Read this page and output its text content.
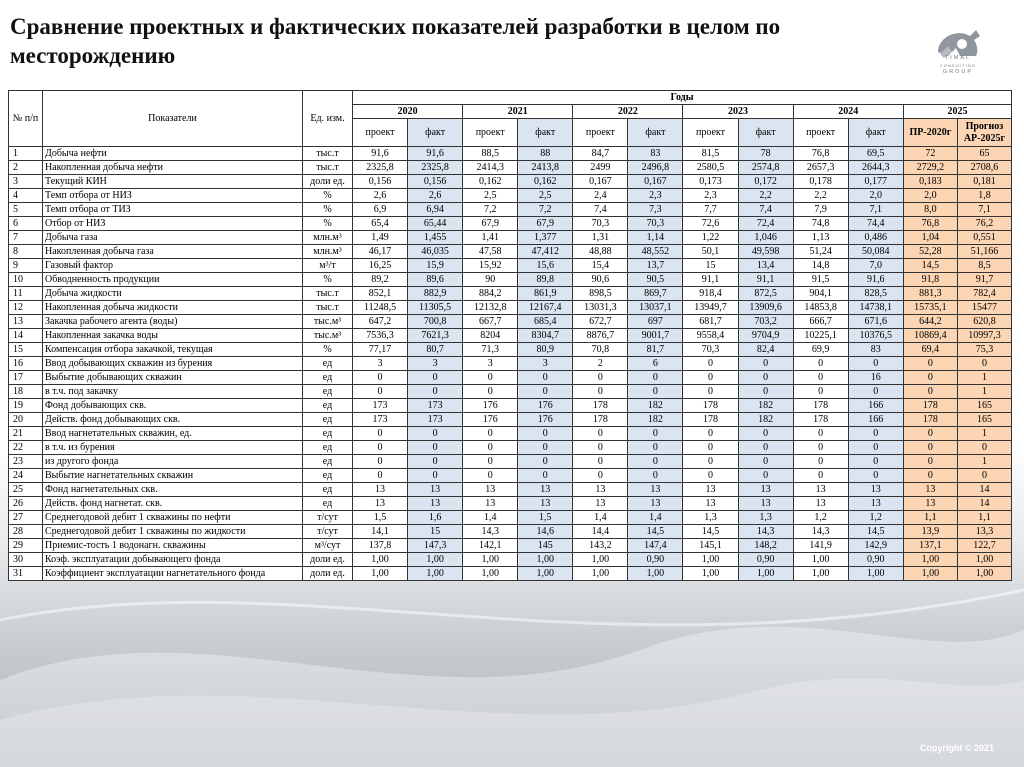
Сравнение проектных и фактических показателей разработки в целом по месторождению	TIMAL
CONSULTING
GROUP
№ п/п	Показатели	Ед. изм.	Годы											
			2020		2021		2022		2023		2024		2025	
			проект	факт	проект	факт	проект	факт	проект	факт	проект	факт	ПР-2020г	Прогноз АР-2025г
1	Добыча нефти	тыс.т	91,6	91,6	88,5	88	84,7	83	81,5	78	76,8	69,5	72	65
2	Накопленная добыча нефти	тыс.т	2325,8	2325,8	2414,3	2413,8	2499	2496,8	2580,5	2574,8	2657,3	2644,3	2729,2	2708,6
3	Текущий КИН	доли ед.	0,156	0,156	0,162	0,162	0,167	0,167	0,173	0,172	0,178	0,177	0,183	0,181
4	Темп отбора от НИЗ	%	2,6	2,6	2,5	2,5	2,4	2,3	2,3	2,2	2,2	2,0	2,0	1,8
5	Темп отбора от ТИЗ	%	6,9	6,94	7,2	7,2	7,4	7,3	7,7	7,4	7,9	7,1	8,0	7,1
6	Отбор от НИЗ	%	65,4	65,44	67,9	67,9	70,3	70,3	72,6	72,4	74,8	74,4	76,8	76,2
7	Добыча газа	млн.м³	1,49	1,455	1,41	1,377	1,31	1,14	1,22	1,046	1,13	0,486	1,04	0,551
8	Накопленная добыча газа	млн.м³	46,17	46,035	47,58	47,412	48,88	48,552	50,1	49,598	51,24	50,084	52,28	51,166
9	Газовый фактор	м³/т	16,25	15,9	15,92	15,6	15,4	13,7	15	13,4	14,8	7,0	14,5	8,5
10	Обводненность продукции	%	89,2	89,6	90	89,8	90,6	90,5	91,1	91,1	91,5	91,6	91,8	91,7
11	Добыча жидкости	тыс.т	852,1	882,9	884,2	861,9	898,5	869,7	918,4	872,5	904,1	828,5	881,3	782,4
12	Накопленная добыча жидкости	тыс.т	11248,5	11305,5	12132,8	12167,4	13031,3	13037,1	13949,7	13909,6	14853,8	14738,1	15735,1	15477
13	Закачка рабочего агента (воды)	тыс.м³	647,2	700,8	667,7	685,4	672,7	697	681,7	703,2	666,7	671,6	644,2	620,8
14	Накопленная закачка воды	тыс.м³	7536,3	7621,3	8204	8304,7	8876,7	9001,7	9558,4	9704,9	10225,1	10376,5	10869,4	10997,3
15	Компенсация отбора закачкой, текущая	%	77,17	80,7	71,3	80,9	70,8	81,7	70,3	82,4	69,9	83	69,4	75,3
16	Ввод добывающих скважин из бурения	ед	3	3	3	3	2	6	0	0	0	0	0	0
17	Выбытие добывающих скважин	ед	0	0	0	0	0	0	0	0	0	16	0	1
18	в т.ч. под закачку	ед	0	0	0	0	0	0	0	0	0	0	0	1
19	Фонд добывающих скв.	ед	173	173	176	176	178	182	178	182	178	166	178	165
20	Действ. фонд добывающих скв.	ед	173	173	176	176	178	182	178	182	178	166	178	165
21	Ввод нагнетательных скважин, ед.	ед	0	0	0	0	0	0	0	0	0	0	0	1
22	в т.ч. из бурения	ед	0	0	0	0	0	0	0	0	0	0	0	0
23	из другого фонда	ед	0	0	0	0	0	0	0	0	0	0	0	1
24	Выбытие нагнетательных скважин	ед	0	0	0	0	0	0	0	0	0	0	0	0
25	Фонд нагнетательных скв.	ед	13	13	13	13	13	13	13	13	13	13	13	14
26	Действ. фонд нагнетат. скв.	ед	13	13	13	13	13	13	13	13	13	13	13	14
27	Среднегодовой дебит 1 скважины по нефти	т/сут	1,5	1,6	1,4	1,5	1,4	1,4	1,3	1,3	1,2	1,2	1,1	1,1
28	Среднегодовой дебит 1 скважины по жидкости	т/сут	14,1	15	14,3	14,6	14,4	14,5	14,5	14,3	14,3	14,5	13,9	13,3
29	Приемис-тость 1 водонагн. скважины	м³/сут	137,8	147,3	142,1	145	143,2	147,4	145,1	148,2	141,9	142,9	137,1	122,7
30	Коэф. эксплуатации добывающего фонда	доли ед.	1,00	1,00	1,00	1,00	1,00	0,90	1,00	0,90	1,00	0,90	1,00	1,00
31	Коэффициент эксплуатации нагнетательного фонда	доли ед.	1,00	1,00	1,00	1,00	1,00	1,00	1,00	1,00	1,00	1,00	1,00	1,00
Copyright © 2021
